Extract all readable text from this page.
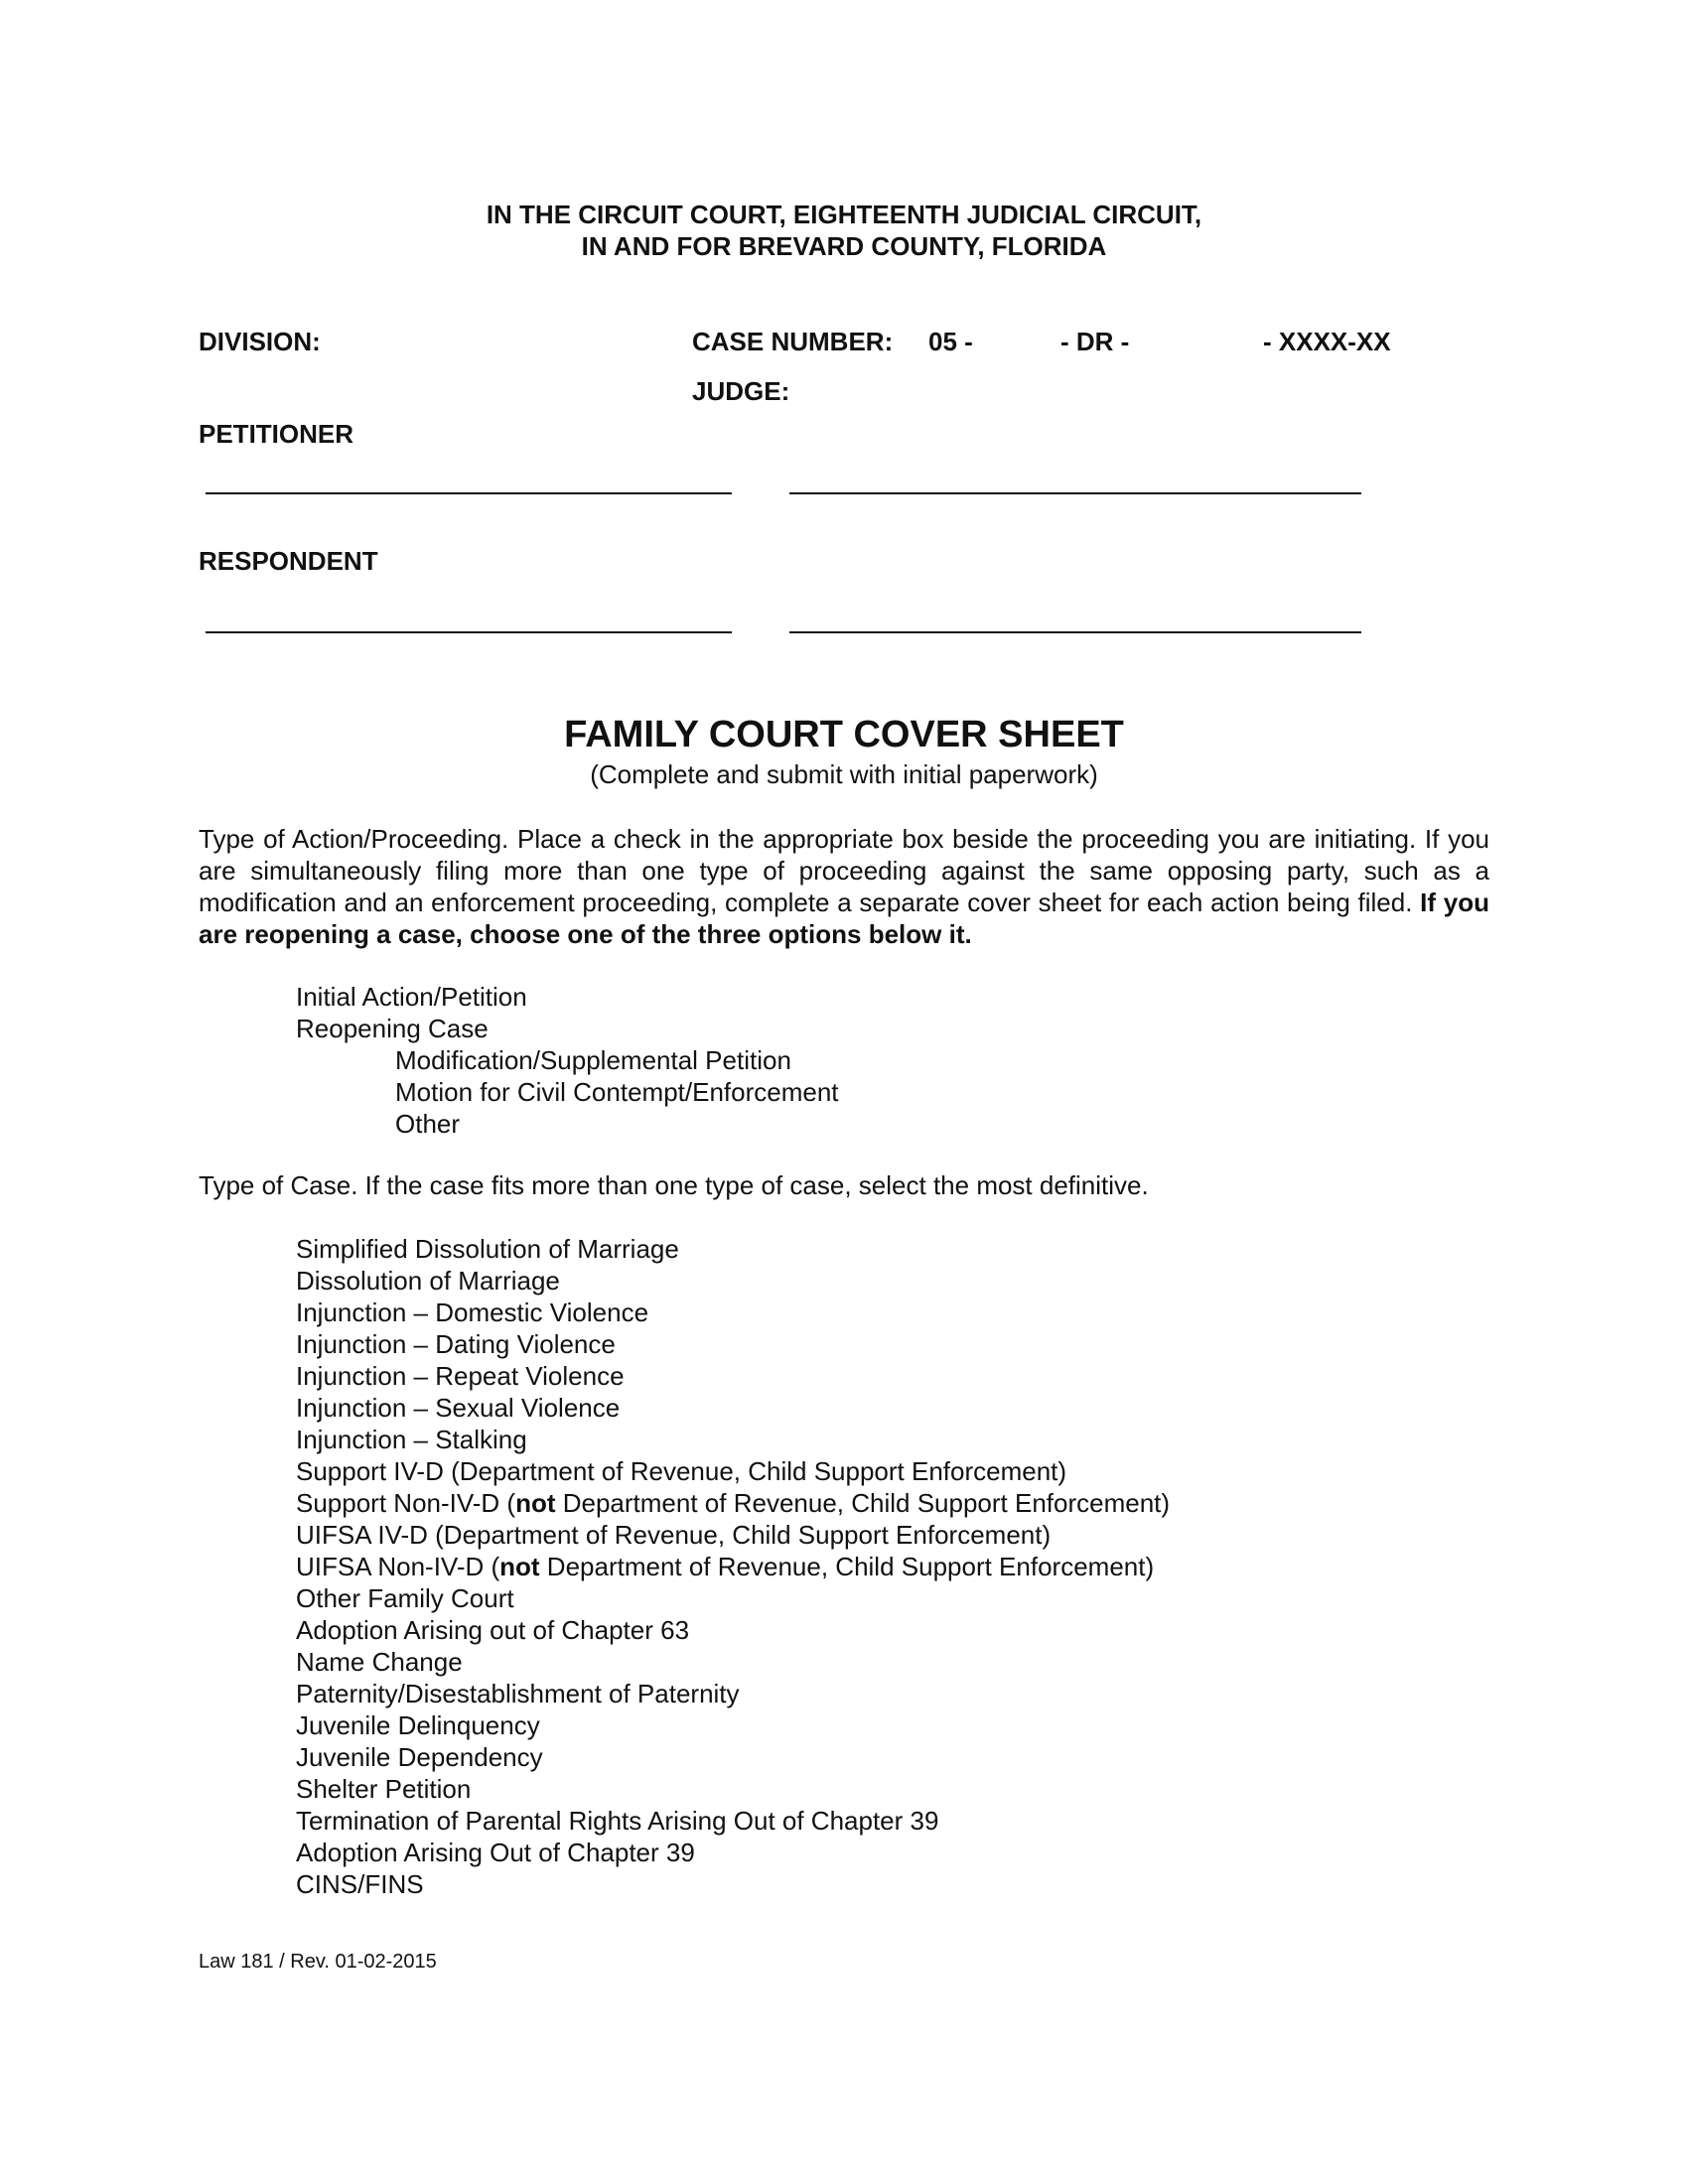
IN THE CIRCUIT COURT, EIGHTEENTH JUDICIAL CIRCUIT,
IN AND FOR BREVARD COUNTY, FLORIDA
DIVISION:	CASE NUMBER: 05 -	- DR -	- XXXX-XX
JUDGE:
PETITIONER
RESPONDENT
FAMILY COURT COVER SHEET
(Complete and submit with initial paperwork)
Type of Action/Proceeding. Place a check in the appropriate box beside the proceeding you are initiating. If you are simultaneously filing more than one type of proceeding against the same opposing party, such as a modification and an enforcement proceeding, complete a separate cover sheet for each action being filed. If you are reopening a case, choose one of the three options below it.
Initial Action/Petition
Reopening Case
Modification/Supplemental Petition
Motion for Civil Contempt/Enforcement
Other
Type of Case. If the case fits more than one type of case, select the most definitive.
Simplified Dissolution of Marriage
Dissolution of Marriage
Injunction – Domestic Violence
Injunction – Dating Violence
Injunction – Repeat Violence
Injunction – Sexual Violence
Injunction – Stalking
Support IV-D (Department of Revenue, Child Support Enforcement)
Support Non-IV-D (not Department of Revenue, Child Support Enforcement)
UIFSA IV-D (Department of Revenue, Child Support Enforcement)
UIFSA Non-IV-D (not Department of Revenue, Child Support Enforcement)
Other Family Court
Adoption Arising out of Chapter 63
Name Change
Paternity/Disestablishment of Paternity
Juvenile Delinquency
Juvenile Dependency
Shelter Petition
Termination of Parental Rights Arising Out of Chapter 39
Adoption Arising Out of Chapter 39
CINS/FINS
Law 181 / Rev. 01-02-2015
